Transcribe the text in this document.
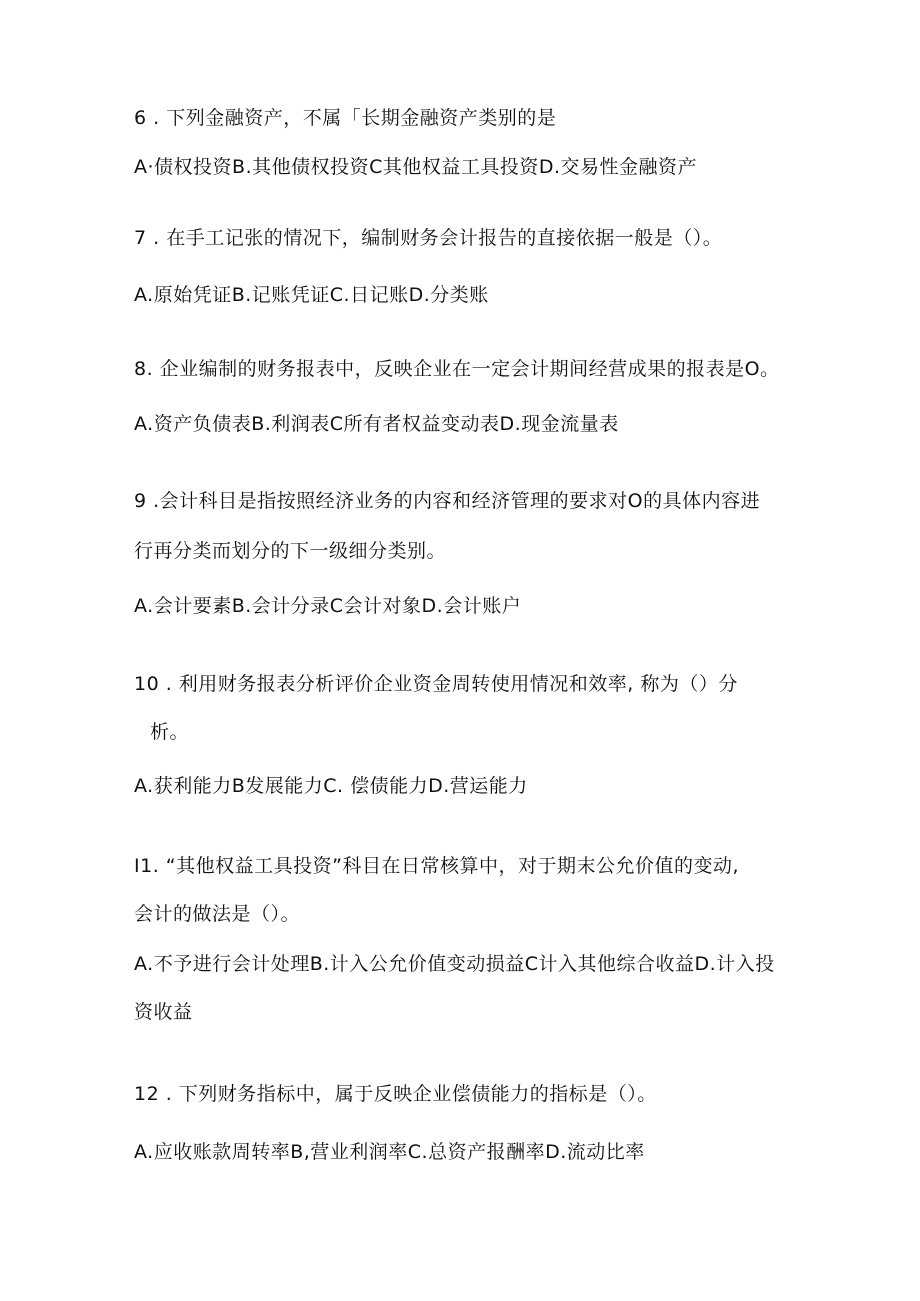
6 . 下列金融资产，不属「长期金融资产类别的是
A·债权投资B.其他债权投资C其他权益工具投资D.交易性金融资产
7 . 在手工记张的情况下，编制财务会计报告的直接依据一般是（）。
A.原始凭证B.记账凭证C.日记账D.分类账
8. 企业编制的财务报表中，反映企业在一定会计期间经营成果的报表是O。
A.资产负债表B.利润表C所有者权益变动表D.现金流量表
9 .会计科目是指按照经济业务的内容和经济管理的要求对O的具体内容进
行再分类而划分的下一级细分类别。
A.会计要素B.会计分录C会计对象D.会计账户
10 . 利用财务报表分析评价企业资金周转使用情况和效率, 称为（）分
析。
A.获利能力B发展能力C. 偿债能力D.营运能力
I1. “其他权益工具投资”科目在日常核算中，对于期末公允价值的变动,
会计的做法是（）。
A.不予进行会计处理B.计入公允价值变动损益C计入其他综合收益D.计入投
资收益
12 . 下列财务指标中，属于反映企业偿债能力的指标是（）。
A.应收账款周转率B,营业利润率C.总资产报酬率D.流动比率
